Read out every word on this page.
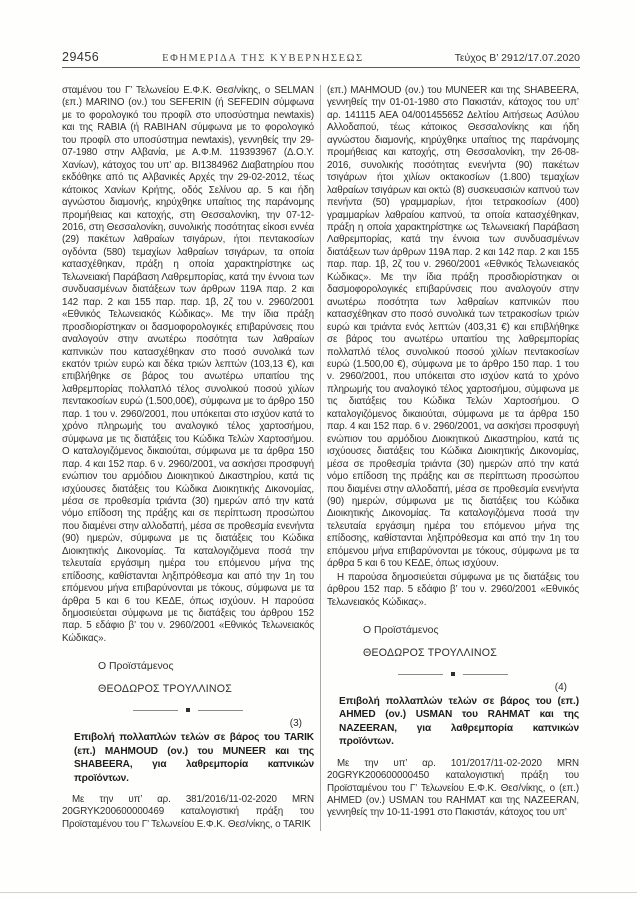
29456	ΕΦΗΜΕΡΙΔΑ ΤΗΣ ΚΥΒΕΡΝΗΣΕΩΣ	Τεύχος Β’ 2912/17.07.2020

σταμένου του Γ’ Τελωνείου Ε.Φ.Κ. Θεσ/νίκης, ο SELMAN (επ.) MARINO (ον.) του SEFERIN (ή SEFEDIN σύμφωνα με το φορολογικό του προφίλ στο υποσύστημα newtaxis) και της RABIA (ή RABIHAN σύμφωνα με το φορολογικό του προφίλ στο υποσύστημα newtaxis), γεννηθείς την 29-07-1980 στην Αλβανία, με Α.Φ.Μ. 119393967 (Δ.Ο.Υ. Χανίων), κάτοχος του υπ’ αρ. ΒΙ1384962 Διαβατηρίου που εκδόθηκε από τις Αλβανικές Αρχές την 29-02-2012, τέως κάτοικος Χανίων Κρήτης, οδός Σελίνου αρ. 5 και ήδη αγνώστου διαμονής, κηρύχθηκε υπαίτιος της παράνομης προμήθειας και κατοχής, στη Θεσσαλονίκη, την 07-12-2016, στη Θεσσαλονίκη, συνολικής ποσότητας είκοσι εννέα (29) πακέτων λαθραίων τσιγάρων, ήτοι πεντακοσίων ογδόντα (580) τεμαχίων λαθραίων τσιγάρων, τα οποία κατασχέθηκαν, πράξη η οποία χαρακτηρίστηκε ως Τελωνειακή Παράβαση Λαθρεμπορίας, κατά την έννοια των συνδυασμένων διατάξεων των άρθρων 119Α παρ. 2 και 142 παρ. 2 και 155 παρ. παρ. 1β, 2ζ του ν. 2960/2001 «Εθνικός Τελωνειακός Κώδικας». Με την ίδια πράξη προσδιορίστηκαν οι δασμοφορολογικές επιβαρύνσεις που αναλογούν στην ανωτέρω ποσότητα των λαθραίων καπνικών που κατασχέθηκαν στο ποσό συνολικά των εκατόν τριών ευρώ και δέκα τριών λεπτών (103,13 €), και επιβλήθηκε σε βάρος του ανωτέρω υπαιτίου της λαθρεμπορίας πολλαπλό τέλος συνολικού ποσού χιλίων πεντακοσίων ευρώ (1.500,00€), σύμφωνα με το άρθρο 150 παρ. 1 του ν. 2960/2001, που υπόκειται στο ισχύον κατά το χρόνο πληρωμής του αναλογικό τέλος χαρτοσήμου, σύμφωνα με τις διατάξεις του Κώδικα Τελών Χαρτοσήμου. Ο καταλογιζόμενος δικαιούται, σύμφωνα με τα άρθρα 150 παρ. 4 και 152 παρ. 6 ν. 2960/2001, να ασκήσει προσφυγή ενώπιον του αρμόδιου Διοικητικού Δικαστηρίου, κατά τις ισχύουσες διατάξεις του Κώδικα Διοικητικής Δικονομίας, μέσα σε προθεσμία τριάντα (30) ημερών από την κατά νόμο επίδοση της πράξης και σε περίπτωση προσώπου που διαμένει στην αλλοδαπή, μέσα σε προθεσμία ενενήντα (90) ημερών, σύμφωνα με τις διατάξεις του Κώδικα Διοικητικής Δικονομίας. Τα καταλογιζόμενα ποσά την τελευταία εργάσιμη ημέρα του επόμενου μήνα της επίδοσης, καθίστανται ληξιπρόθεσμα και από την 1η του επόμενου μήνα επιβαρύνονται με τόκους, σύμφωνα με τα άρθρα 5 και 6 του ΚΕΔΕ, όπως ισχύουν. Η παρούσα δημοσιεύεται σύμφωνα με τις διατάξεις του άρθρου 152 παρ. 5 εδάφιο β’ του ν. 2960/2001 «Εθνικός Τελωνειακός Κώδικας».

Ο Προϊστάμενος
ΘΕΟΔΩΡΟΣ ΤΡΟΥΛΛΙΝΟΣ
(3)

Επιβολή πολλαπλών τελών σε βάρος του TARIK (επ.) MAHMOUD (ον.) του MUNEER και της SHABEERA, για λαθρεμπορία καπνικών προϊόντων.

Με την υπ’ αρ. 381/2016/11-02-2020 MRN 20GRYK200600000469 καταλογιστική πράξη του Προϊσταμένου του Γ’ Τελωνείου Ε.Φ.Κ. Θεσ/νίκης, ο TARIK

(επ.) MAHMOUD (ον.) του MUNEER και της SHABEERA, γεννηθείς την 01-01-1980 στο Πακιστάν, κάτοχος του υπ’ αρ. 141115 ΑΕΑ 04/001455652 Δελτίου Αιτήσεως Ασύλου Αλλοδαπού, τέως κάτοικος Θεσσαλονίκης και ήδη αγνώστου διαμονής, κηρύχθηκε υπαίτιος της παράνομης προμήθειας και κατοχής, στη Θεσσαλονίκη, την 26-08-2016, συνολικής ποσότητας ενενήντα (90) πακέτων τσιγάρων ήτοι χιλίων οκτακοσίων (1.800) τεμαχίων λαθραίων τσιγάρων και οκτώ (8) συσκευασιών καπνού των πενήντα (50) γραμμαρίων, ήτοι τετρακοσίων (400) γραμμαρίων λαθραίου καπνού, τα οποία κατασχέθηκαν, πράξη η οποία χαρακτηρίστηκε ως Τελωνειακή Παράβαση Λαθρεμπορίας, κατά την έννοια των συνδυασμένων διατάξεων των άρθρων 119Α παρ. 2 και 142 παρ. 2 και 155 παρ. παρ. 1β, 2ζ του ν. 2960/2001 «Εθνικός Τελωνειακός Κώδικας». Με την ίδια πράξη προσδιορίστηκαν οι δασμοφορολογικές επιβαρύνσεις που αναλογούν στην ανωτέρω ποσότητα των λαθραίων καπνικών που κατασχέθηκαν στο ποσό συνολικά των τετρακοσίων τριών ευρώ και τριάντα ενός λεπτών (403,31 €) και επιβλήθηκε σε βάρος του ανωτέρω υπαιτίου της λαθρεμπορίας πολλαπλό τέλος συνολικού ποσού χιλίων πεντακοσίων ευρώ (1.500,00 €), σύμφωνα με το άρθρο 150 παρ. 1 του ν. 2960/2001, που υπόκειται στο ισχύον κατά το χρόνο πληρωμής του αναλογικό τέλος χαρτοσήμου, σύμφωνα με τις διατάξεις του Κώδικα Τελών Χαρτοσήμου. Ο καταλογιζόμενος δικαιούται, σύμφωνα με τα άρθρα 150 παρ. 4 και 152 παρ. 6 ν. 2960/2001, να ασκήσει προσφυγή ενώπιον του αρμόδιου Διοικητικού Δικαστηρίου, κατά τις ισχύουσες διατάξεις του Κώδικα Διοικητικής Δικονομίας, μέσα σε προθεσμία τριάντα (30) ημερών από την κατά νόμο επίδοση της πράξης και σε περίπτωση προσώπου που διαμένει στην αλλοδαπή, μέσα σε προθεσμία ενενήντα (90) ημερών, σύμφωνα με τις διατάξεις του Κώδικα Διοικητικής Δικονομίας. Τα καταλογιζόμενα ποσά την τελευταία εργάσιμη ημέρα του επόμενου μήνα της επίδοσης, καθίστανται ληξιπρόθεσμα και από την 1η του επόμενου μήνα επιβαρύνονται με τόκους, σύμφωνα με τα άρθρα 5 και 6 του ΚΕΔΕ, όπως ισχύουν.

Η παρούσα δημοσιεύεται σύμφωνα με τις διατάξεις του άρθρου 152 παρ. 5 εδάφιο β’ του ν. 2960/2001 «Εθνικός Τελωνειακός Κώδικας».

Ο Προϊστάμενος
ΘΕΟΔΩΡΟΣ ΤΡΟΥΛΛΙΝΟΣ
(4)

Επιβολή πολλαπλών τελών σε βάρος του (επ.) AHMED (ον.) USMAN του RAHMAT και της NAZEERAN, για λαθρεμπορία καπνικών προϊόντων.

Με την υπ’ αρ. 101/2017/11-02-2020 MRN 20GRYK200600000450 καταλογιστική πράξη του Προϊσταμένου του Γ’ Τελωνείου Ε.Φ.Κ. Θεσ/νίκης, ο (επ.) AHMED (ον.) USMAN του RAHMAT και της NAZEERAN, γεννηθείς την 10-11-1991 στο Πακιστάν, κάτοχος του υπ’
